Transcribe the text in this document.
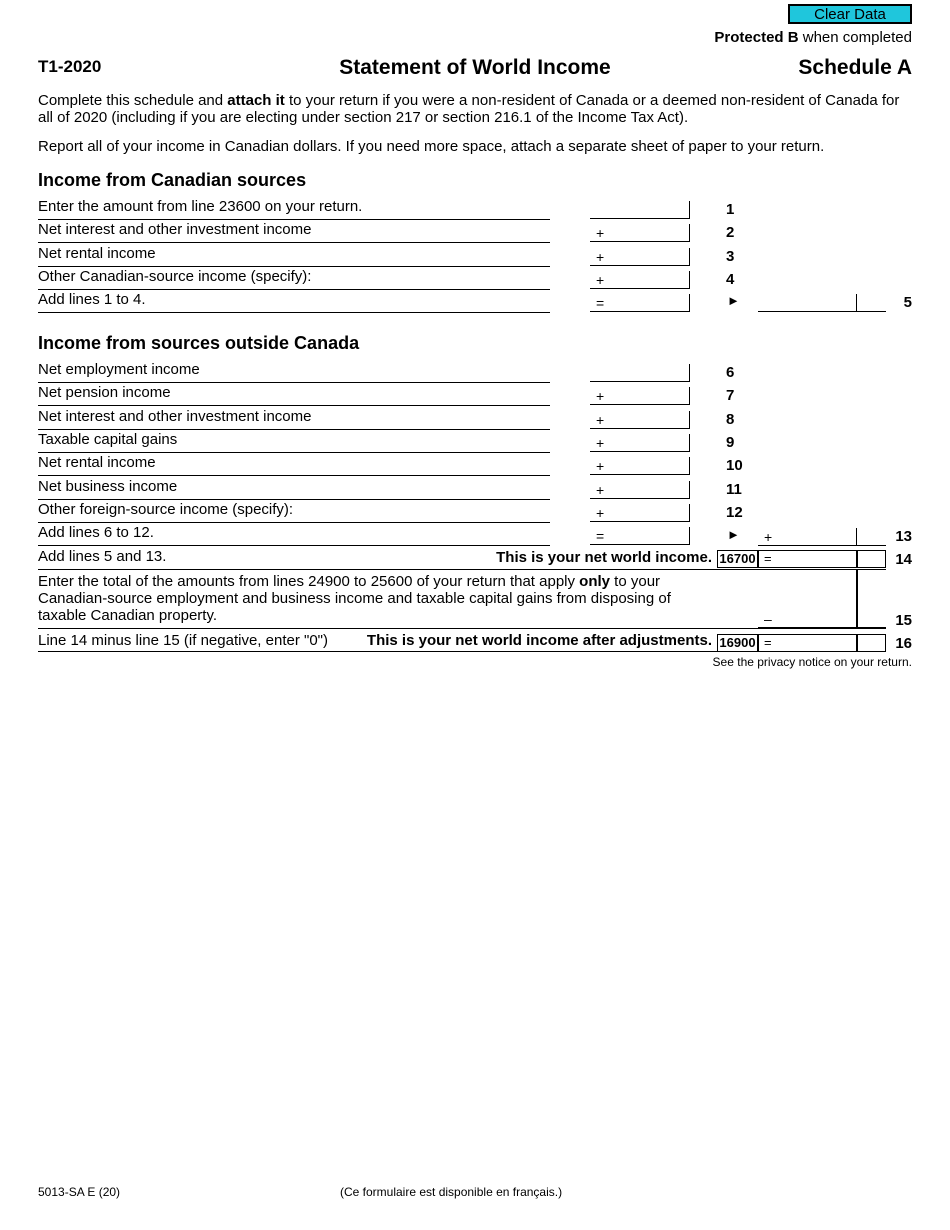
Clear Data
Protected B when completed
T1-2020	Statement of World Income	Schedule A
Complete this schedule and attach it to your return if you were a non-resident of Canada or a deemed non-resident of Canada for all of 2020 (including if you are electing under section 217 or section 216.1 of the Income Tax Act).
Report all of your income in Canadian dollars. If you need more space, attach a separate sheet of paper to your return.
Income from Canadian sources
Enter the amount from line 23600 on your return.	1
Net interest and other investment income	+	2
Net rental income	+	3
Other Canadian-source income (specify):	+	4
Add lines 1 to 4.	=	►	5
Income from sources outside Canada
Net employment income	6
Net pension income	+	7
Net interest and other investment income	+	8
Taxable capital gains	+	9
Net rental income	+	10
Net business income	+	11
Other foreign-source income (specify):	+	12
Add lines 6 to 12.	=	►	+	13
Add lines 5 and 13.	This is your net world income. 16700 =	14
Enter the total of the amounts from lines 24900 to 25600 of your return that apply only to your Canadian-source employment and business income and taxable capital gains from disposing of taxable Canadian property.	–	15
Line 14 minus line 15 (if negative, enter "0")	This is your net world income after adjustments. 16900 =	16
See the privacy notice on your return.
5013-SA E (20)	(Ce formulaire est disponible en français.)
